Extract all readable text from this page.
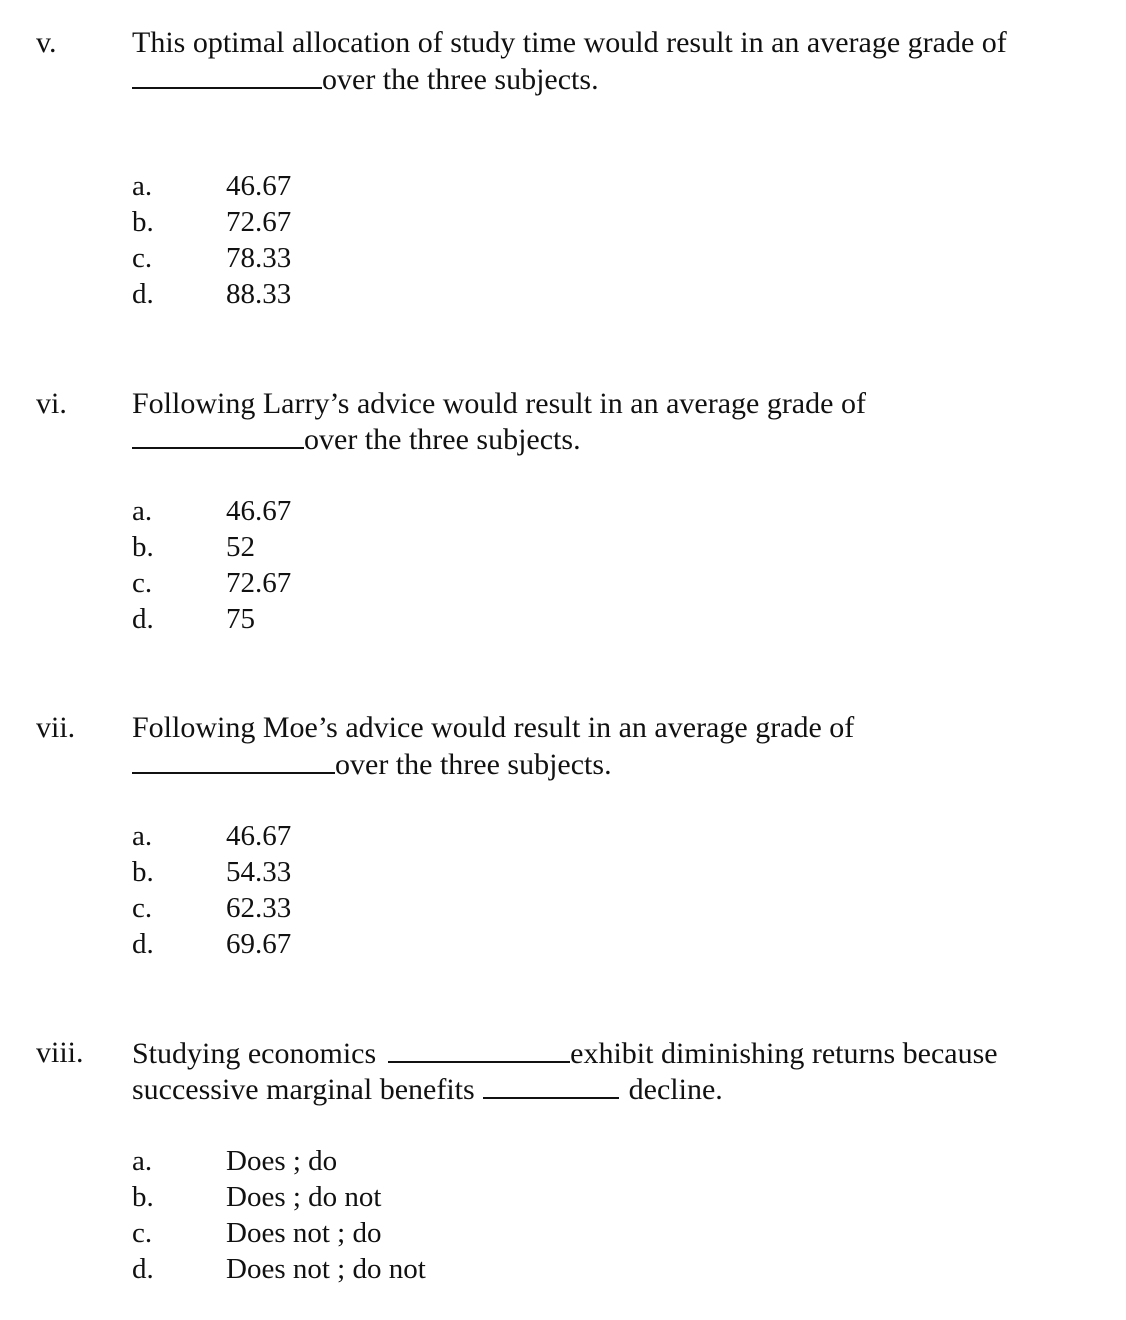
v.	This optimal allocation of study time would result in an average grade of
over the three subjects.
a.	46.67
b. 72.67
c.	78.33
d. 88.33
vi. Following Larry’s advice would result in an average grade of
over the three subjects.
a.	46.67
b. 52
c.	72.67
d. 75
vii. Following Moe’s advice would result in an average grade of
over the three subjects.
a.	46.67
b. 54.33
c.	62.33
d. 69.67
viii. Studying economics	exhibit diminishing returns because
successive marginal benefits	decline.
a.	Does ; do
b. Does ; do not
c.	Does not ; do
d. Does not ; do not
